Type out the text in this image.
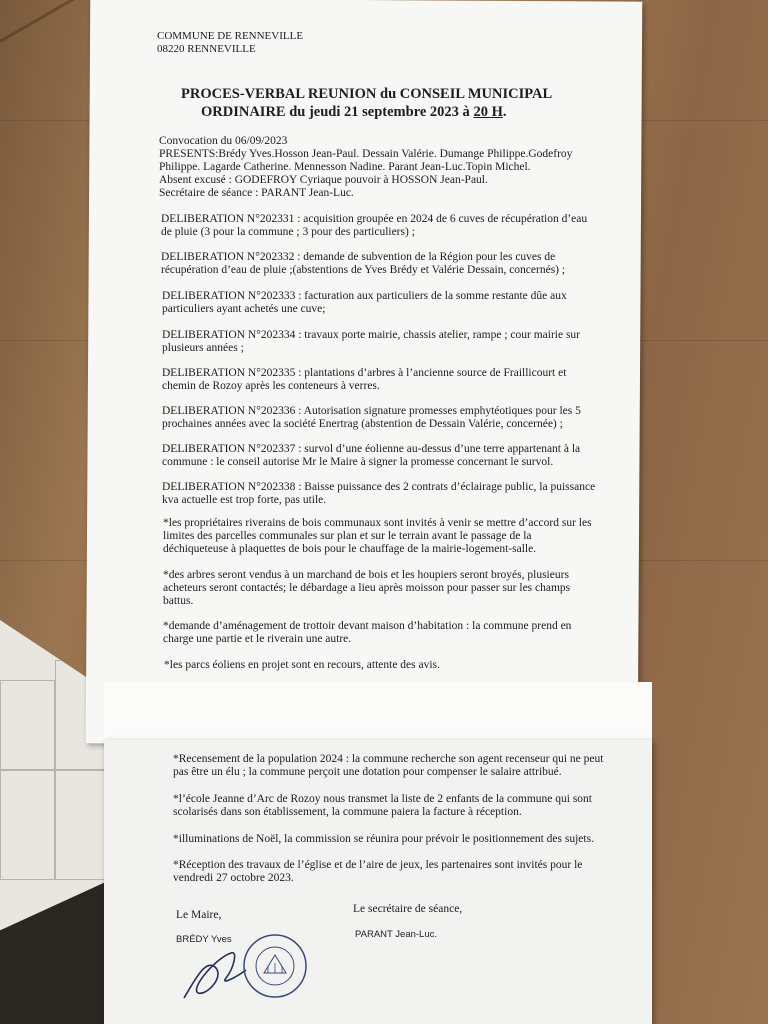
COMMUNE DE RENNEVILLE
08220 RENNEVILLE
PROCES-VERBAL REUNION du CONSEIL MUNICIPAL
ORDINAIRE du jeudi 21 septembre 2023 à 20 H.
Convocation du 06/09/2023
PRESENTS:Brédy Yves.Hosson Jean-Paul. Dessain Valérie. Dumange Philippe.Godefroy
Philippe. Lagarde Catherine. Mennesson Nadine. Parant Jean-Luc.Topin Michel.
Absent excusé : GODEFROY Cyriaque pouvoir à HOSSON Jean-Paul.
Secrétaire de séance : PARANT Jean-Luc.
DELIBERATION N°202331 : acquisition groupée en 2024 de 6 cuves de récupération d’eau
de pluie (3 pour la commune ; 3 pour des particuliers) ;
DELIBERATION N°202332 : demande de subvention de la Région pour les cuves de
récupération d’eau de pluie ;(abstentions de Yves Brédy et Valérie Dessain, concernés) ;
DELIBERATION N°202333 : facturation aux particuliers de la somme restante dûe aux
particuliers ayant achetés une cuve;
DELIBERATION N°202334 : travaux porte mairie, chassis atelier, rampe ; cour mairie sur
plusieurs années ;
DELIBERATION N°202335 : plantations d’arbres à l’ancienne source de Fraillicourt et
chemin de Rozoy après les conteneurs à verres.
DELIBERATION N°202336 : Autorisation signature promesses emphytéotiques pour les 5
prochaines années avec la société Enertrag (abstention de Dessain Valérie, concernée) ;
DELIBERATION N°202337 : survol d’une éolienne au-dessus d’une terre appartenant à la
commune : le conseil autorise Mr le Maire à signer la promesse concernant le survol.
DELIBERATION N°202338 : Baisse puissance des 2 contrats d’éclairage public, la puissance
kva actuelle est trop forte, pas utile.
*les propriétaires riverains de bois communaux sont invités à venir se mettre d’accord sur les
limites des parcelles communales sur plan et sur le terrain avant le passage de la
déchiqueteuse à plaquettes de bois pour le chauffage de la mairie-logement-salle.
*des arbres seront vendus à un marchand de bois et les houpiers seront broyés, plusieurs
acheteurs seront contactés; le débardage a lieu après moisson pour passer sur les champs
battus.
*demande d’aménagement de trottoir devant maison d’habitation : la commune prend en
charge une partie et le riverain une autre.
*les parcs éoliens en projet sont en recours, attente des avis.
*Recensement de la population 2024 : la commune recherche son agent recenseur qui ne peut
pas être un élu ; la commune perçoit une dotation pour compenser le salaire attribué.
*l’école Jeanne d’Arc de Rozoy nous transmet la liste de 2 enfants de la commune qui sont
scolarisés dans son établissement, la commune paiera la facture à réception.
*illuminations de Noël, la commission se réunira pour prévoir le positionnement des sujets.
*Réception des travaux de l’église et de l’aire de jeux, les partenaires sont invités pour le
vendredi 27 octobre 2023.
Le Maire,
BRÉDY Yves
Le secrétaire de séance,
PARANT Jean-Luc.
